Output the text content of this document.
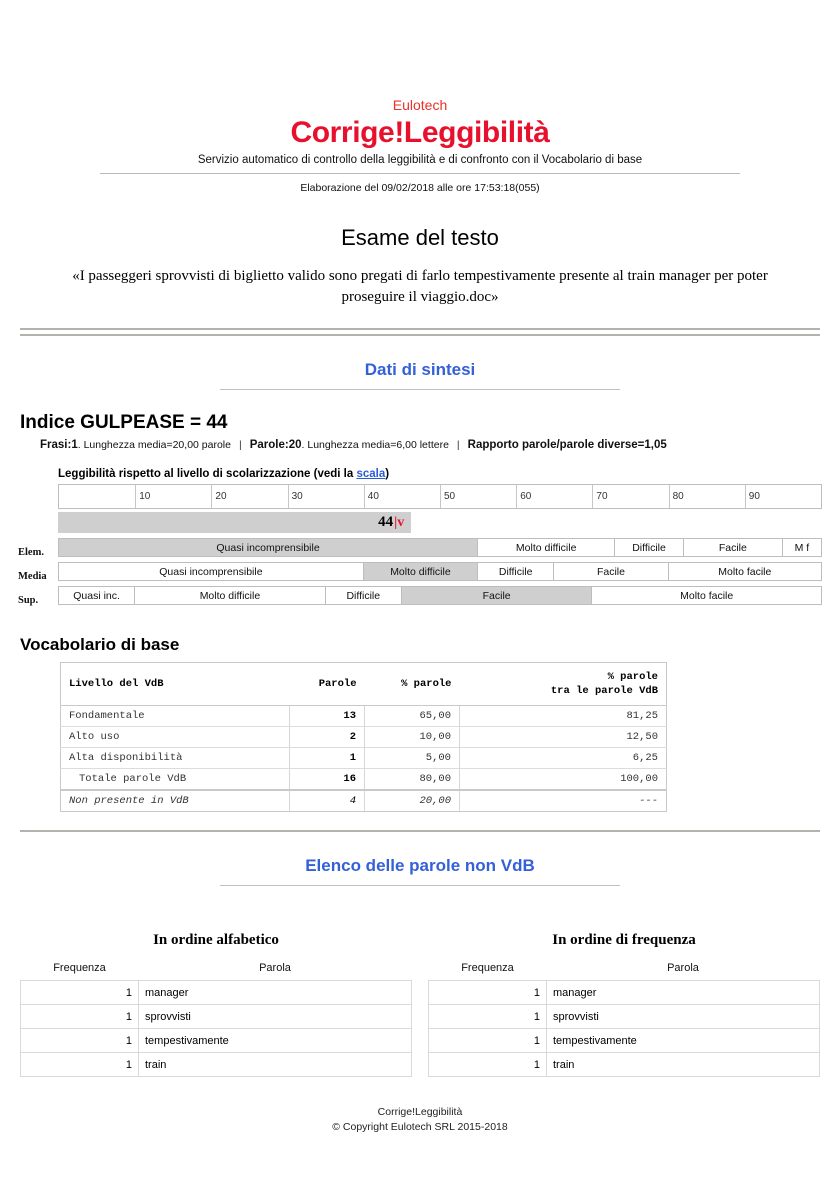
Eulotech
Corrige!Leggibilità
Servizio automatico di controllo della leggibilità e di confronto con il Vocabolario di base
Elaborazione del 09/02/2018 alle ore 17:53:18(055)
Esame del testo
«I passeggeri sprovvisti di biglietto valido sono pregati di farlo tempestivamente presente al train manager per poter proseguire il viaggio.doc»
Dati di sintesi
Indice GULPEASE = 44
Frasi:1. Lunghezza media=20,00 parole | Parole:20. Lunghezza media=6,00 lettere | Rapporto parole/parole diverse=1,05
Leggibilità rispetto al livello di scolarizzazione (vedi la scala)
10	20	30	40	50	60	70	80	90
44 |v
Elem.	Quasi incomprensibile	Molto difficile	Difficile	Facile	M f
Media	Quasi incomprensibile	Molto difficile	Difficile	Facile	Molto facile
Sup.	Quasi inc.	Molto difficile	Difficile	Facile	Molto facile
Vocabolario di base
Livello del VdB	Parole	% parole	% parole
tra le parole VdB
Fondamentale	13	65,00	81,25
Alto uso	2	10,00	12,50
Alta disponibilità	1	5,00	6,25
Totale parole VdB	16	80,00	100,00
Non presente in VdB	4	20,00	---
Elenco delle parole non VdB
In ordine alfabetico
Frequenza	Parola
1	manager
1	sprovvisti
1	tempestivamente
1	train
In ordine di frequenza
Frequenza	Parola
1	manager
1	sprovvisti
1	tempestivamente
1	train
Corrige!Leggibilità
© Copyright Eulotech SRL 2015-2018
